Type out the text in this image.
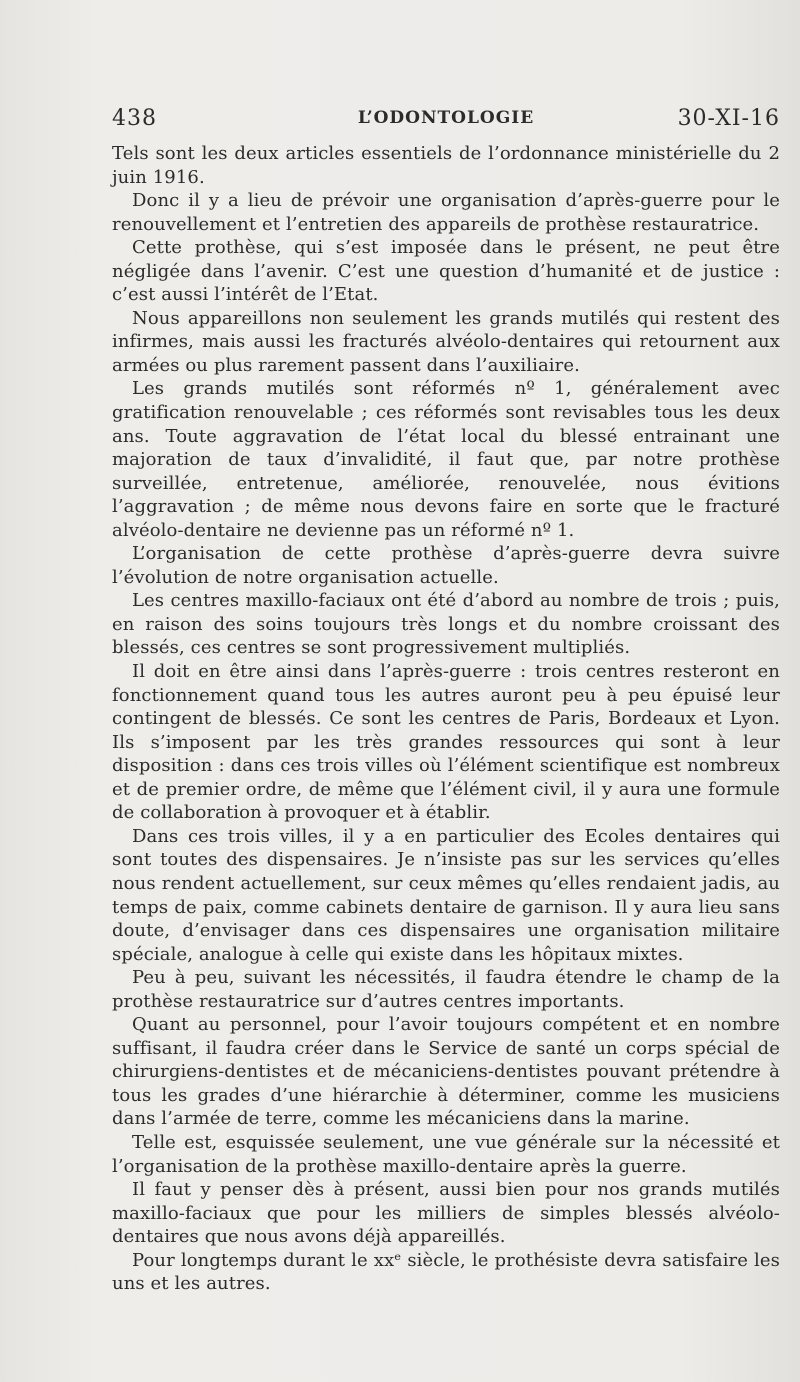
438	L’ODONTOLOGIE	30-XI-16

Tels sont les deux articles essentiels de l’ordonnance ministérielle du 2 juin 1916.

Donc il y a lieu de prévoir une organisation d’après-guerre pour le renouvellement et l’entretien des appareils de prothèse restauratrice.

Cette prothèse, qui s’est imposée dans le présent, ne peut être négligée dans l’avenir. C’est une question d’humanité et de justice : c’est aussi l’intérêt de l’Etat.

Nous appareillons non seulement les grands mutilés qui restent des infirmes, mais aussi les fracturés alvéolo-dentaires qui retournent aux armées ou plus rarement passent dans l’auxiliaire.

Les grands mutilés sont réformés nº 1, généralement avec gratification renouvelable ; ces réformés sont revisables tous les deux ans. Toute aggravation de l’état local du blessé entrainant une majoration de taux d’invalidité, il faut que, par notre prothèse surveillée, entretenue, améliorée, renouvelée, nous évitions l’aggravation ; de même nous devons faire en sorte que le fracturé alvéolo-dentaire ne devienne pas un réformé nº 1.

L’organisation de cette prothèse d’après-guerre devra suivre l’évolution de notre organisation actuelle.

Les centres maxillo-faciaux ont été d’abord au nombre de trois ; puis, en raison des soins toujours très longs et du nombre croissant des blessés, ces centres se sont progressivement multipliés.

Il doit en être ainsi dans l’après-guerre : trois centres resteront en fonctionnement quand tous les autres auront peu à peu épuisé leur contingent de blessés. Ce sont les centres de Paris, Bordeaux et Lyon. Ils s’imposent par les très grandes ressources qui sont à leur disposition : dans ces trois villes où l’élément scientifique est nombreux et de premier ordre, de même que l’élément civil, il y aura une formule de collaboration à provoquer et à établir.

Dans ces trois villes, il y a en particulier des Ecoles dentaires qui sont toutes des dispensaires. Je n’insiste pas sur les services qu’elles nous rendent actuellement, sur ceux mêmes qu’elles rendaient jadis, au temps de paix, comme cabinets dentaire de garnison. Il y aura lieu sans doute, d’envisager dans ces dispensaires une organisation militaire spéciale, analogue à celle qui existe dans les hôpitaux mixtes.

Peu à peu, suivant les nécessités, il faudra étendre le champ de la prothèse restauratrice sur d’autres centres importants.

Quant au personnel, pour l’avoir toujours compétent et en nombre suffisant, il faudra créer dans le Service de santé un corps spécial de chirurgiens-dentistes et de mécaniciens-dentistes pouvant prétendre à tous les grades d’une hiérarchie à déterminer, comme les musiciens dans l’armée de terre, comme les mécaniciens dans la marine.

Telle est, esquissée seulement, une vue générale sur la nécessité et l’organisation de la prothèse maxillo-dentaire après la guerre.

Il faut y penser dès à présent, aussi bien pour nos grands mutilés maxillo-faciaux que pour les milliers de simples blessés alvéolo-dentaires que nous avons déjà appareillés.

Pour longtemps durant le xxᵉ siècle, le prothésiste devra satisfaire les uns et les autres.
